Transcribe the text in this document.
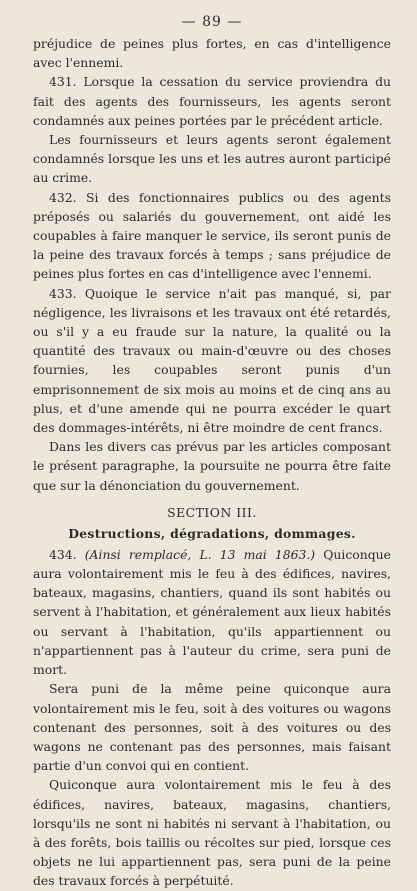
— 89 —

préjudice de peines plus fortes, en cas d'intelligence avec l'ennemi.

431. Lorsque la cessation du service proviendra du fait des agents des fournisseurs, les agents seront condamnés aux peines portées par le précédent article.

Les fournisseurs et leurs agents seront également condamnés lorsque les uns et les autres auront participé au crime.

432. Si des fonctionnaires publics ou des agents préposés ou salariés du gouvernement, ont aidé les coupables à faire manquer le service, ils seront punis de la peine des travaux forcés à temps ; sans préjudice de peines plus fortes en cas d'intelligence avec l'ennemi.

433. Quoique le service n'ait pas manqué, si, par négligence, les livraisons et les travaux ont été retardés, ou s'il y a eu fraude sur la nature, la qualité ou la quantité des travaux ou main-d'œuvre ou des choses fournies, les coupables seront punis d'un emprisonnement de six mois au moins et de cinq ans au plus, et d'une amende qui ne pourra excéder le quart des dommages-intérêts, ni être moindre de cent francs.

Dans les divers cas prévus par les articles composant le présent paragraphe, la poursuite ne pourra être faite que sur la dénonciation du gouvernement.

SECTION III.
Destructions, dégradations, dommages.

434. (Ainsi remplacé, L. 13 mai 1863.) Quiconque aura volontairement mis le feu à des édifices, navires, bateaux, magasins, chantiers, quand ils sont habités ou servent à l'habitation, et généralement aux lieux habités ou servant à l'habitation, qu'ils appartiennent ou n'appartiennent pas à l'auteur du crime, sera puni de mort.

Sera puni de la même peine quiconque aura volontairement mis le feu, soit à des voitures ou wagons contenant des personnes, soit à des voitures ou des wagons ne contenant pas des personnes, mais faisant partie d'un convoi qui en contient.

Quiconque aura volontairement mis le feu à des édifices, navires, bateaux, magasins, chantiers, lorsqu'ils ne sont ni habités ni servant à l'habitation, ou à des forêts, bois taillis ou récoltes sur pied, lorsque ces objets ne lui appartiennent pas, sera puni de la peine des travaux forcés à perpétuité.
